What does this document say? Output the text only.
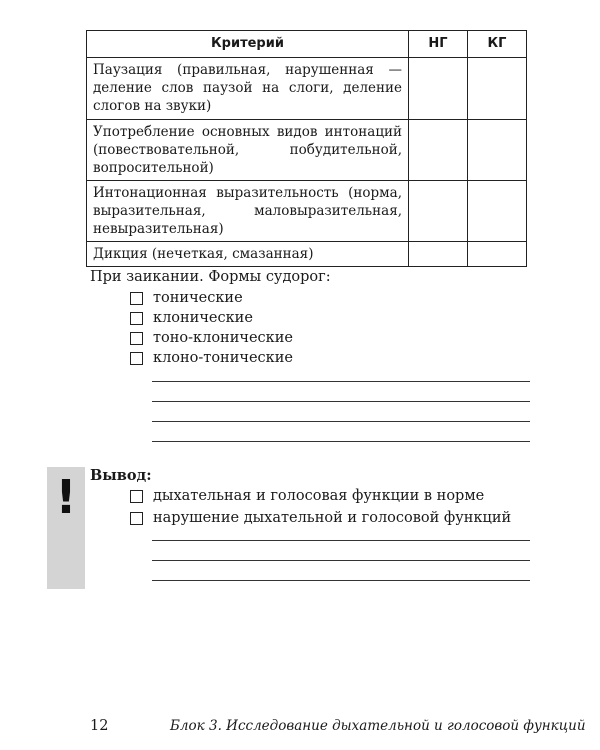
Критерий	НГ	КГ
Паузация (правильная, нарушенная — деление слов паузой на слоги, деление слогов на звуки)		
Употребление основных видов интонаций (повествовательной, побудительной, вопросительной)		
Интонационная выразительность (норма, выразительная, маловыразительная, невыразительная)		
Дикция (нечеткая, смазанная)		
При заикании. Формы судорог:
тонические
клонические
тоно-клонические
клоно-тонические
! Вывод:
дыхательная и голосовая функции в норме
нарушение дыхательной и голосовой функций
12	Блок 3. Исследование дыхательной и голосовой функций
